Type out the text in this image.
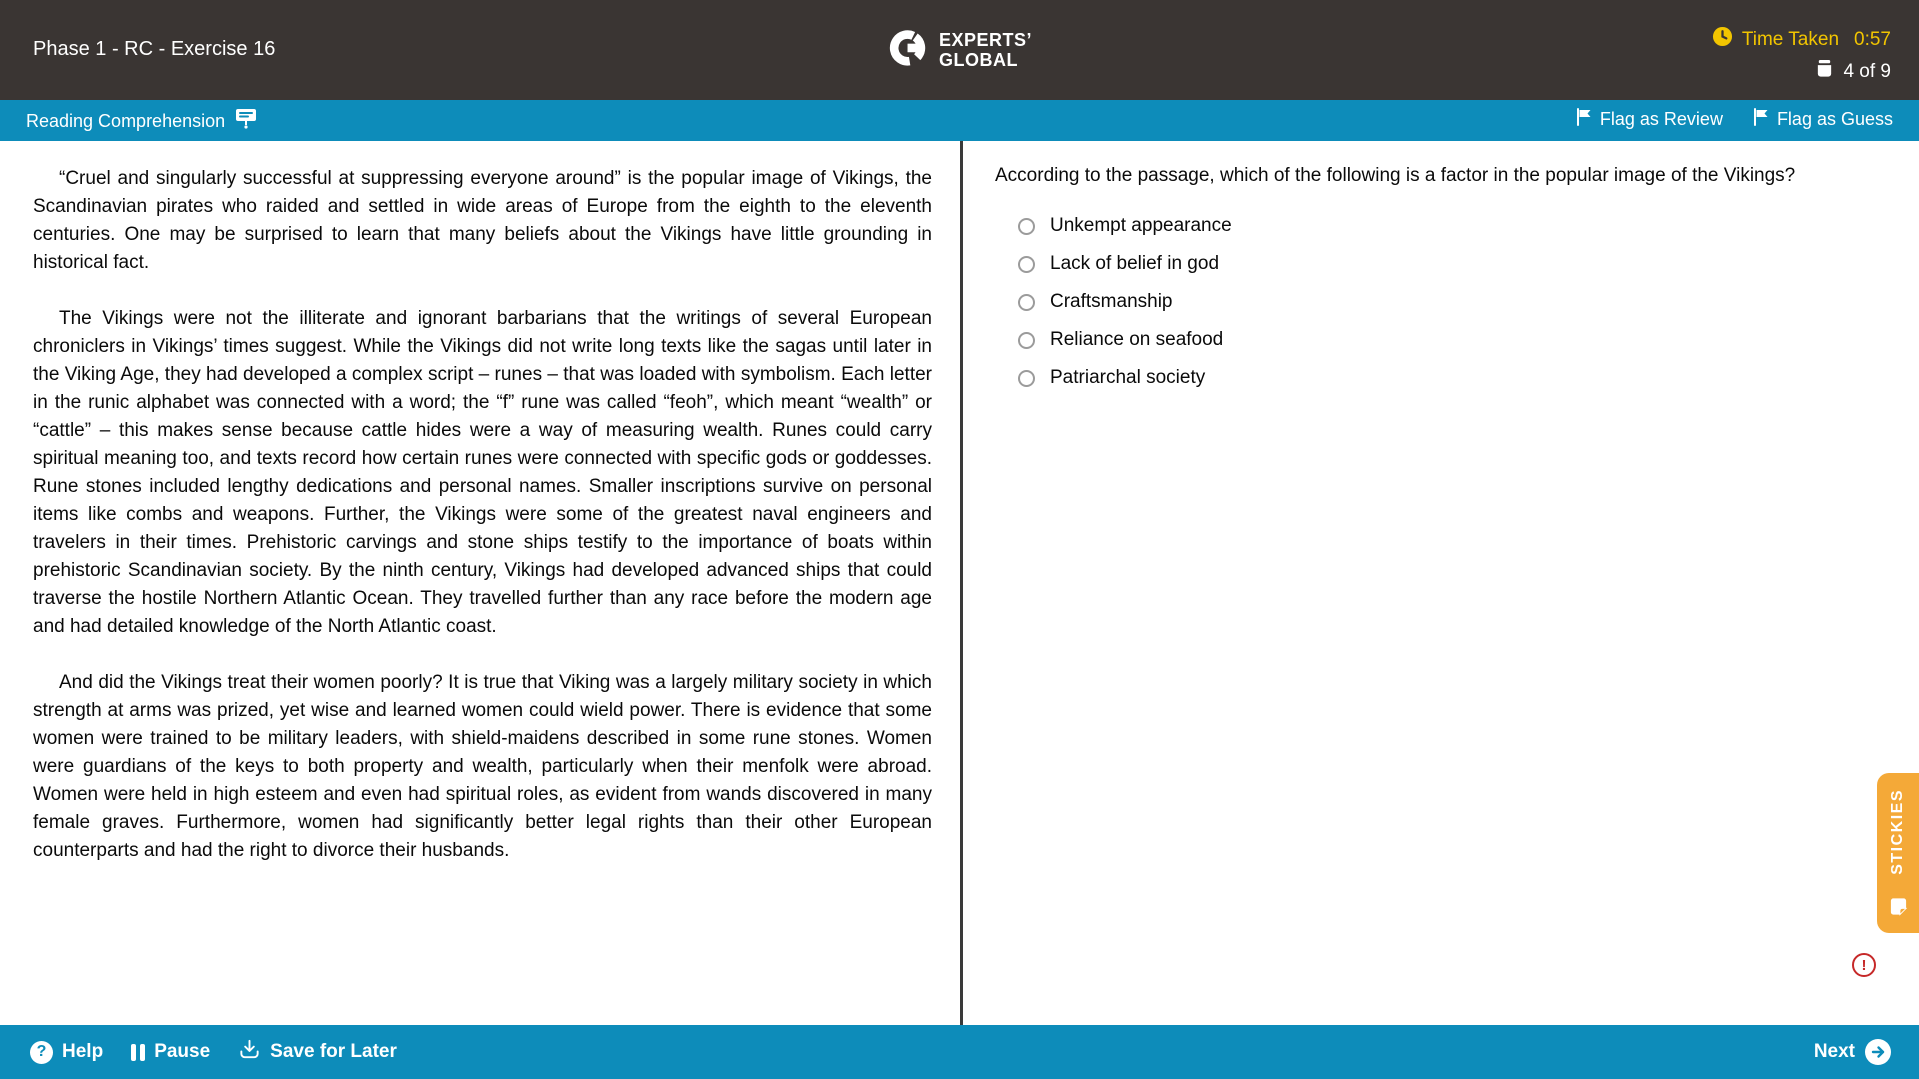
Phase 1 - RC - Exercise 16	EXPERTS’
GLOBAL
Time Taken 0:57
4 of 9
Reading Comprehension	Flag as Review	Flag as Guess

“Cruel and singularly successful at suppressing everyone around” is the popular image of Vikings, the Scandinavian pirates who raided and settled in wide areas of Europe from the eighth to the eleventh centuries. One may be surprised to learn that many beliefs about the Vikings have little grounding in historical fact.

The Vikings were not the illiterate and ignorant barbarians that the writings of several European chroniclers in Vikings’ times suggest. While the Vikings did not write long texts like the sagas until later in the Viking Age, they had developed a complex script – runes – that was loaded with symbolism. Each letter in the runic alphabet was connected with a word; the “f” rune was called “feoh”, which meant “wealth” or “cattle” – this makes sense because cattle hides were a way of measuring wealth. Runes could carry spiritual meaning too, and texts record how certain runes were connected with specific gods or goddesses. Rune stones included lengthy dedications and personal names. Smaller inscriptions survive on personal items like combs and weapons. Further, the Vikings were some of the greatest naval engineers and travelers in their times. Prehistoric carvings and stone ships testify to the importance of boats within prehistoric Scandinavian society. By the ninth century, Vikings had developed advanced ships that could traverse the hostile Northern Atlantic Ocean. They travelled further than any race before the modern age and had detailed knowledge of the North Atlantic coast.

And did the Vikings treat their women poorly? It is true that Viking was a largely military society in which strength at arms was prized, yet wise and learned women could wield power. There is evidence that some women were trained to be military leaders, with shield-maidens described in some rune stones. Women were guardians of the keys to both property and wealth, particularly when their menfolk were abroad. Women were held in high esteem and even had spiritual roles, as evident from wands discovered in many female graves. Furthermore, women had significantly better legal rights than their other European counterparts and had the right to divorce their husbands.

According to the passage, which of the following is a factor in the popular image of the Vikings?
Unkempt appearance
Lack of belief in god
Craftsmanship
Reliance on seafood
Patriarchal society
STICKIES
!
? Help	Pause	Save for Later	Next
